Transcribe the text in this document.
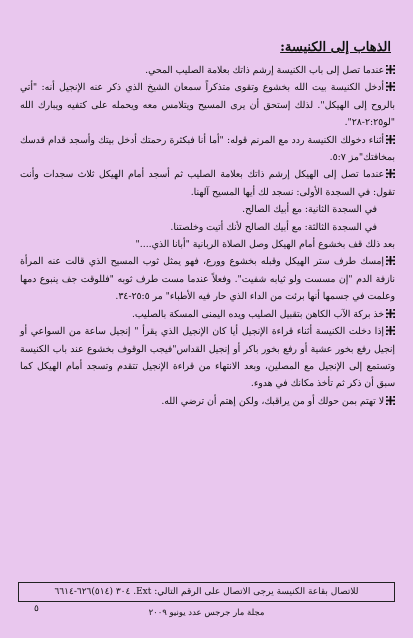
الذهاب إلى الكنيسة:

عندما تصل إلى باب الكنيسة إرشم ذاتك بعلامة الصليب المحي.

أدخل الكنيسة بيت الله بخشوع وتقوى متذكراً سمعان الشيخ الذي ذكر عنه الإنجيل أنه: "أتي بالروح إلى الهيكل". لذلك إستحق أن يرى المسيح ويتلامس معه ويحمله على كتفيه ويبارك الله "لو٢:٢٥-٢٨".

أثناء دخولك الكنيسة ردد مع المرنم قوله: "أما أنا فبكثرة رحمتك أدخل بيتك وأسجد قدام قدسك بمخافتك"مز ٥:٧.

عندما تصل إلى الهيكل إرشم ذاتك بعلامة الصليب ثم أسجد أمام الهيكل ثلاث سجدات وأنت تقول: في السجدة الأولى: نسجد لك أيها المسيح آلهنا.

في السجدة الثانية: مع أبيك الصالح.

في السجدة الثالثة: مع أبيك الصالح لأنك أتيت وخلصتنا.

بعد ذلك قف بخشوع أمام الهيكل وصل الصلاة الربانية "أبانا الذي...."

إمسك طرف ستر الهيكل وقبله بخشوع وورع، فهو يمثل ثوب المسيح الذي قالت عنه المرأة نازفة الدم "إن مسست ولو ثيابه شفيت". وفعلاً عندما مست طرف ثوبه "فللوقت جف ينبوع دمها وعلمت في جسمها أنها برئت من الداء الذي حار فيه الأطباء" مر ٢٥:٥-٣٤.

خذ بركة الآب الكاهن بتقبيل الصليب ويده اليمنى المسكة بالصليب.

إذا دخلت الكنيسة أثناء قراءة الإنجيل أيا كان الإنجيل الذي يقرأ " إنجيل ساعة من السواعي أو إنجيل رفع بخور عشية أو رفع بخور باكر أو إنجيل القداس"فيجب الوقوف بخشوع عند باب الكنيسة وتستمع إلى الإنجيل مع المصلين، وبعد الانتهاء من قراءة الإنجيل تتقدم وتسجد أمام الهيكل كما سبق أن ذكر ثم تأخذ مكانك في هدوء.

لا تهتم بمن حولك أو من يراقبك، ولكن إهتم أن ترضي الله.

للاتصال بقاعة الكنيسة يرجى الاتصال على الرقم التالي: Ext. ٣٠٤ (٥١٤)٦٢٦-٦٦١٤
٥	مجلة مار جرجس عدد يونيو ٢٠٠٩
